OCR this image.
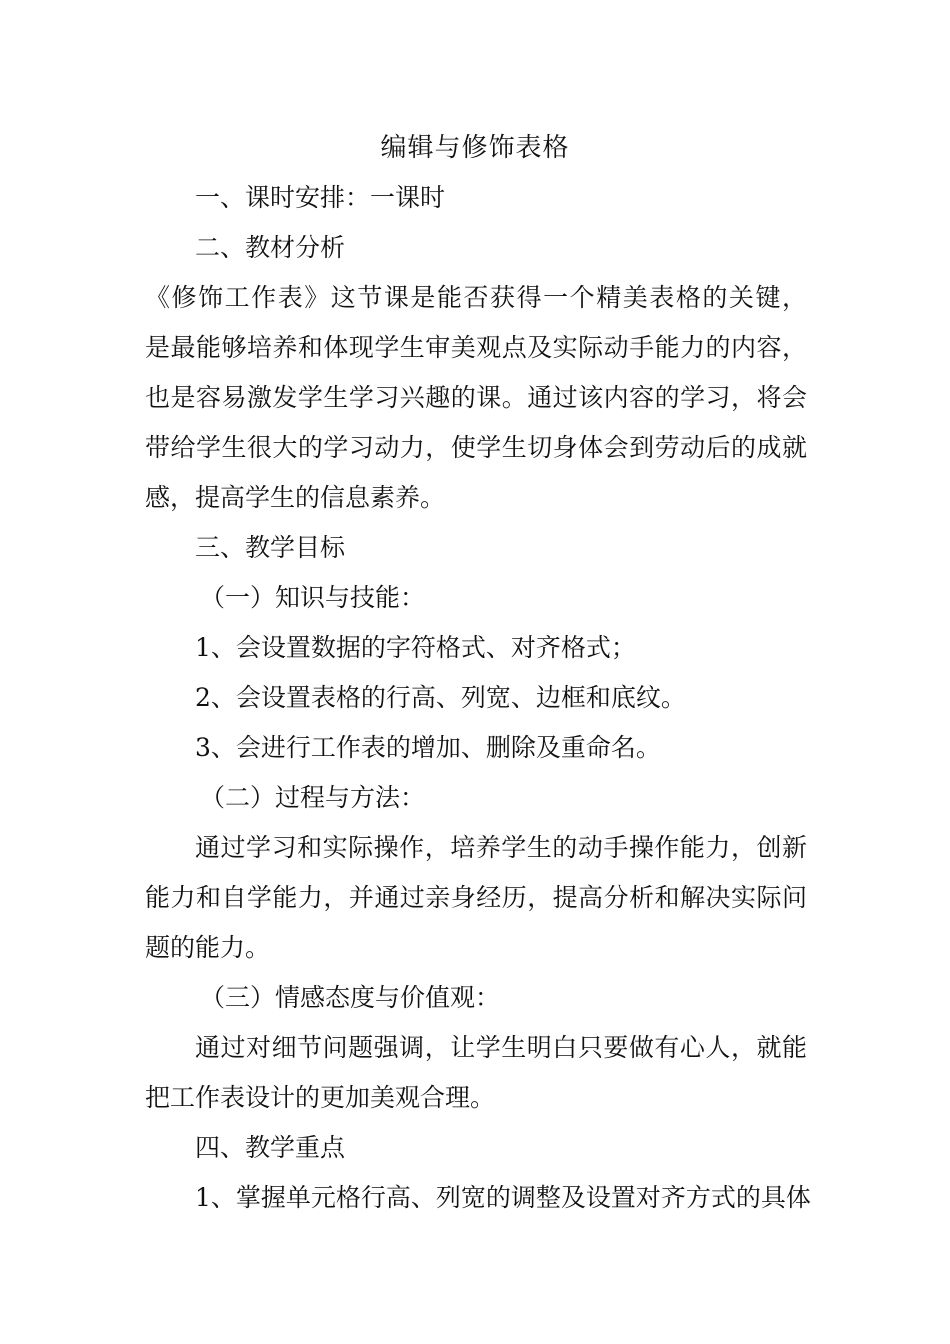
编辑与修饰表格
一、课时安排：一课时
二、教材分析
《修饰工作表》这节课是能否获得一个精美表格的关键，
是最能够培养和体现学生审美观点及实际动手能力的内容，
也是容易激发学生学习兴趣的课。通过该内容的学习，将会
带给学生很大的学习动力，使学生切身体会到劳动后的成就
感，提高学生的信息素养。
三、教学目标
（一）知识与技能：
1、会设置数据的字符格式、对齐格式；
2、会设置表格的行高、列宽、边框和底纹。
3、会进行工作表的增加、删除及重命名。
（二）过程与方法：
通过学习和实际操作，培养学生的动手操作能力，创新
能力和自学能力，并通过亲身经历，提高分析和解决实际问
题的能力。
（三）情感态度与价值观：
通过对细节问题强调，让学生明白只要做有心人，就能
把工作表设计的更加美观合理。
四、教学重点
1、掌握单元格行高、列宽的调整及设置对齐方式的具体
